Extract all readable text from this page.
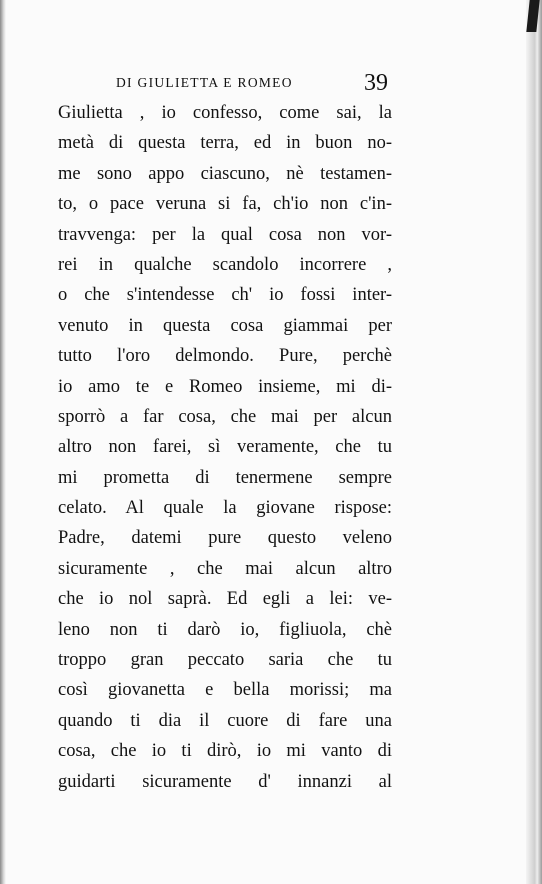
DI GIULIETTA E ROMEO	39
Giulietta , io confesso, come sai, la
metà di questa terra, ed in buon no-
me sono appo ciascuno, nè testamen-
to, o pace veruna si fa, ch'io non c'in-
travvenga: per la qual cosa non vor-
rei in qualche scandolo incorrere ,
o che s'intendesse ch' io fossi inter-
venuto in questa cosa giammai per
tutto l'oro delmondo. Pure, perchè
io amo te e Romeo insieme, mi di-
sporrò a far cosa, che mai per alcun
altro non farei, sì veramente, che tu
mi prometta di tenermene sempre
celato. Al quale la giovane rispose:
Padre, datemi pure questo veleno
sicuramente , che mai alcun altro
che io nol saprà. Ed egli a lei: ve-
leno non ti darò io, figliuola, chè
troppo gran peccato saria che tu
così giovanetta e bella morissi; ma
quando ti dia il cuore di fare una
cosa, che io ti dirò, io mi vanto di
guidarti sicuramente d' innanzi al
